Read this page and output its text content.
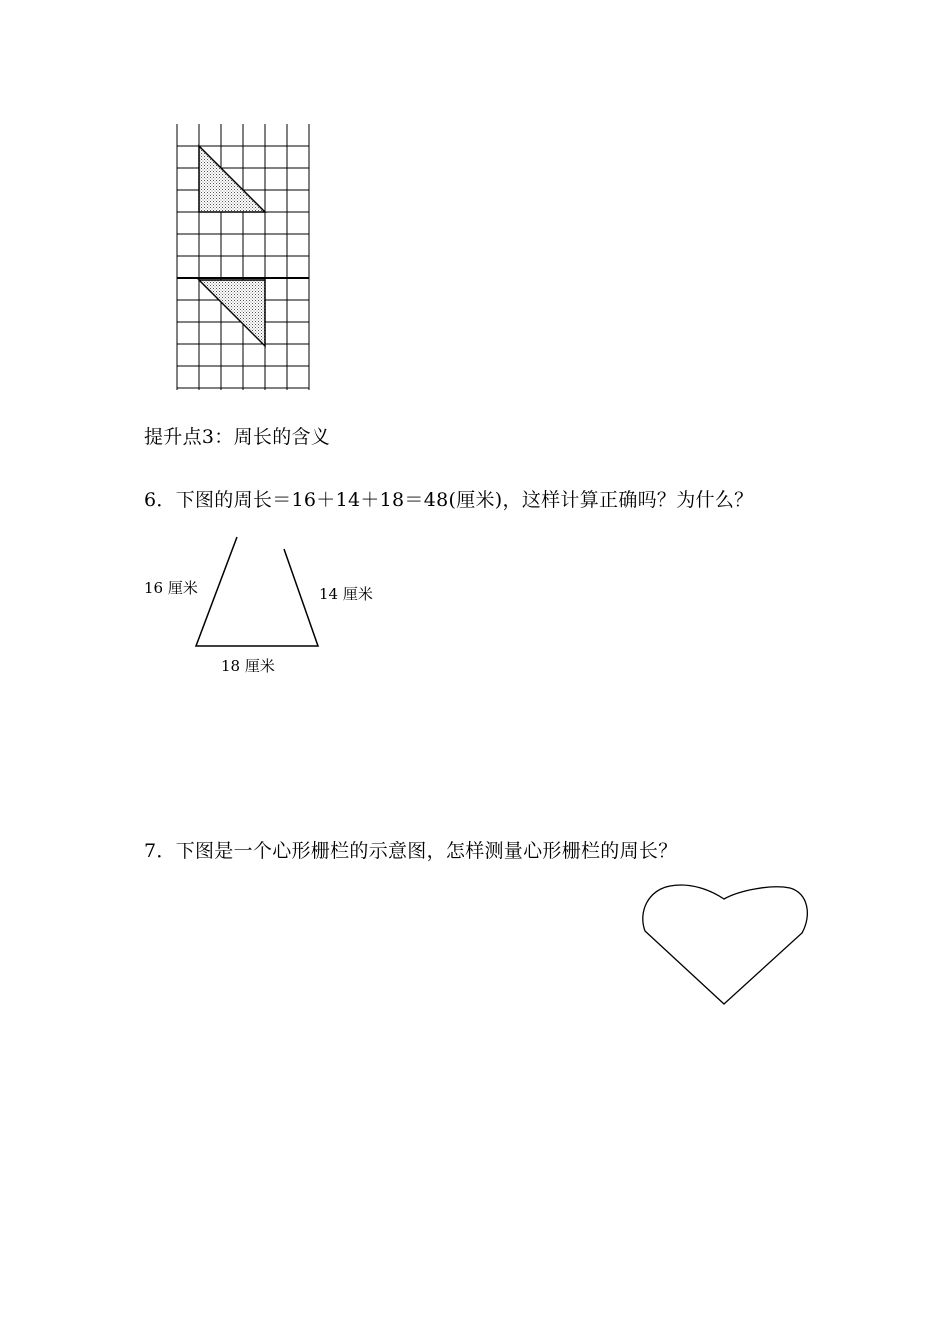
提升点3：周长的含义
6．下图的周长＝16＋14＋18＝48(厘米)，这样计算正确吗？为什么？
16 厘米	14 厘米
18 厘米
7．下图是一个心形栅栏的示意图，怎样测量心形栅栏的周长？
